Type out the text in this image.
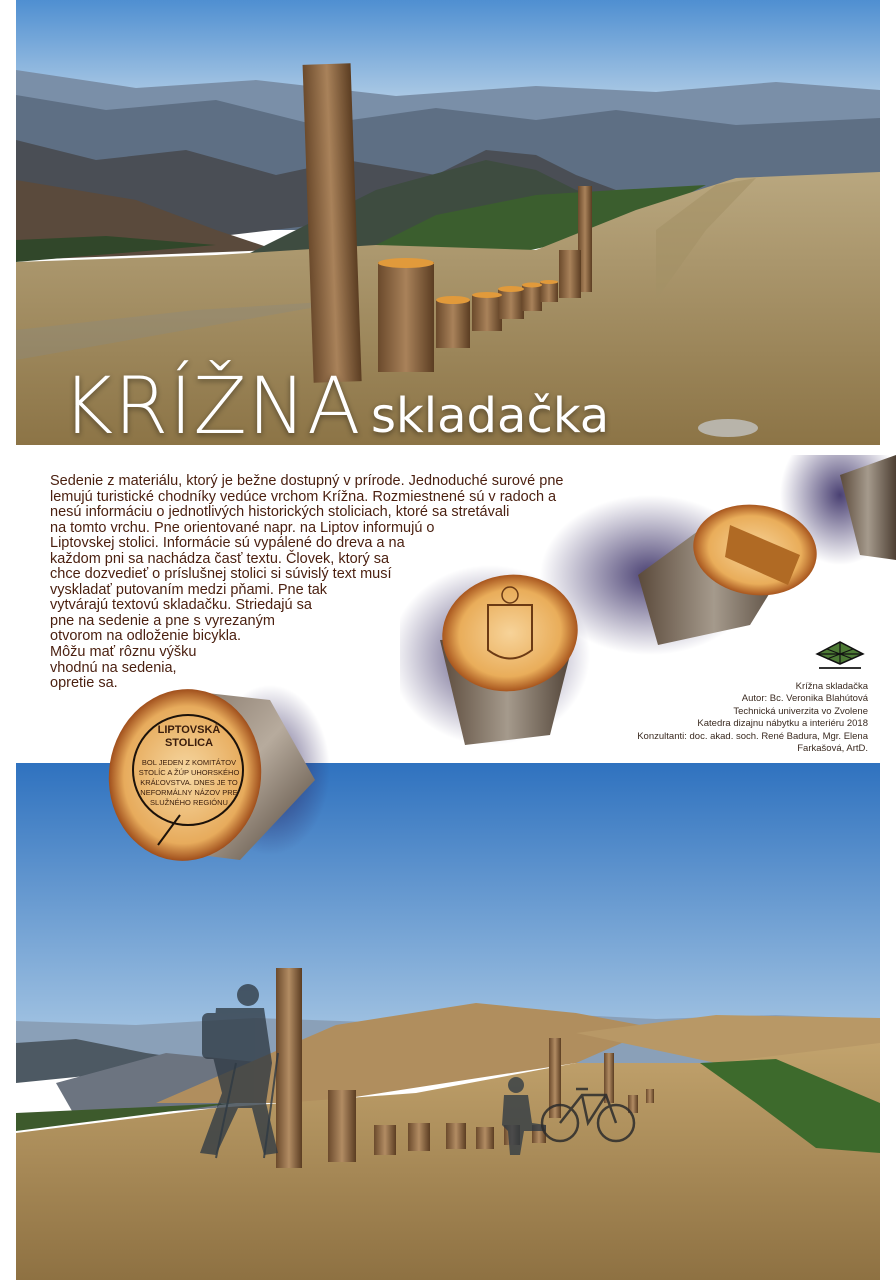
KRÍŽNA skladačka
Sedenie z materiálu, ktorý je bežne dostupný v prírode. Jednoduché surové pne
lemujú turistické chodníky vedúce vrchom Krížna. Rozmiestnené sú v radoch a
nesú informáciu o jednotlivých historických stoliciach, ktoré sa stretávali
na tomto vrchu. Pne orientované napr. na Liptov informujú o
Liptovskej stolici. Informácie sú vypálené do dreva a na
každom pni sa nachádza časť textu. Človek, ktorý sa
chce dozvedieť o príslušnej stolici si súvislý text musí
vyskladať putovaním medzi pňami. Pne tak
vytvárajú textovú skladačku. Striedajú sa
pne na sedenie a pne s vyrezaným
otvorom na odloženie bicykla.
Môžu mať rôznu výšku
vhodnú na sedenia,
opretie sa.	Krížna skladačka
Autor: Bc. Veronika Blahútová
Technická univerzita vo Zvolene
Katedra dizajnu nábytku a interiéru 2018
Konzultanti: doc. akad. soch. René Badura, Mgr. Elena
Farkašová, ArtD.
LIPTOVSKÁ
STOLICA
BOL JEDEN Z KOMITÁTOV
STOLÍC A ŽÚP UHORSKÉHO
KRÁĽOVSTVA. DNES JE TO
NEFORMÁLNY NÁZOV PRE
SLUŽNÉHO REGIÓNU
